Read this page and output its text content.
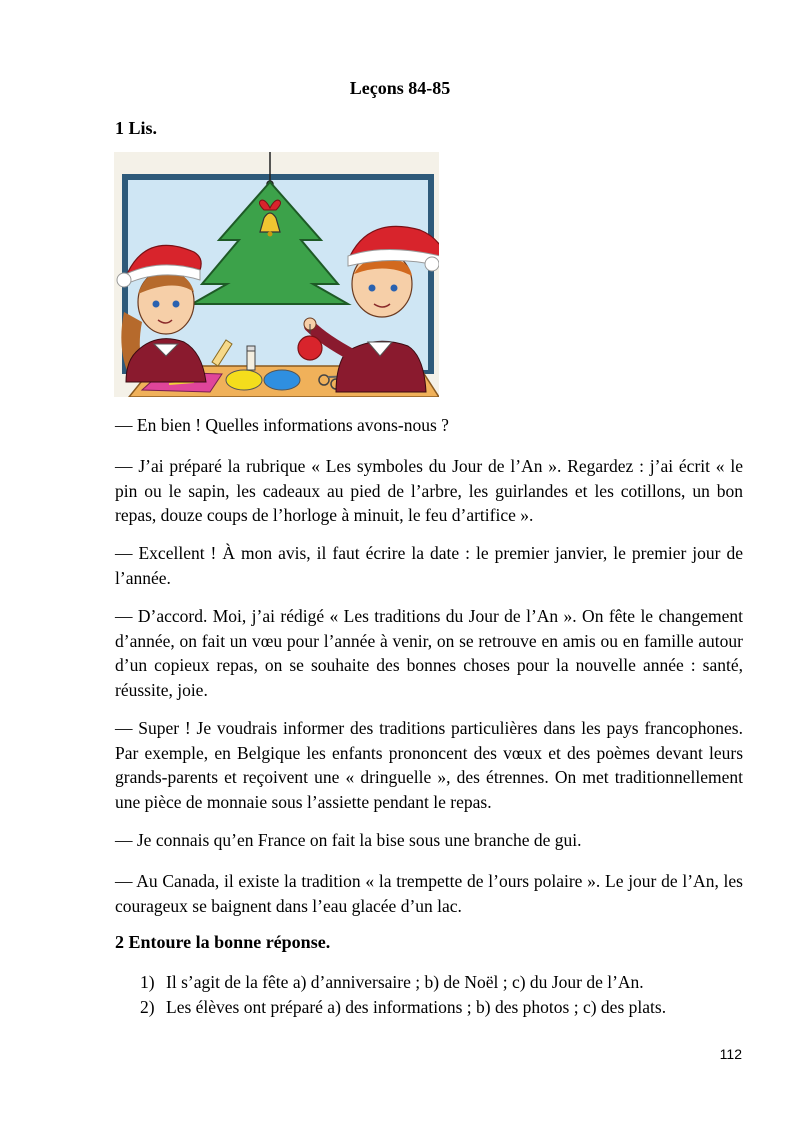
Leçons 84-85
1 Lis.
— En bien ! Quelles informations avons-nous ?
— J’ai préparé la rubrique « Les symboles du Jour de l’An ». Regardez : j’ai écrit « le pin ou le sapin, les cadeaux au pied de l’arbre, les guirlandes et les cotillons, un bon repas, douze coups de l’horloge à minuit, le feu d’artifice ».
— Excellent ! À mon avis, il faut écrire la date : le premier janvier, le premier jour de l’année.
— D’accord. Moi, j’ai rédigé « Les traditions du Jour de l’An ». On fête le changement d’année, on fait un vœu pour l’année à venir, on se retrouve en amis ou en famille autour d’un copieux repas, on se souhaite des bonnes choses pour la nouvelle année : santé, réussite, joie.
— Super ! Je voudrais informer des traditions particulières dans les pays francophones. Par exemple, en Belgique les enfants prononcent des vœux et des poèmes devant leurs grands-parents et reçoivent une « dringuelle », des étrennes. On met traditionnellement une pièce de monnaie sous l’assiette pendant le repas.
— Je connais qu’en France on fait la bise sous une branche de gui.
— Au Canada, il existe la tradition « la trempette de l’ours polaire ». Le jour de l’An, les courageux se baignent dans l’eau glacée d’un lac.
2 Entoure la bonne réponse.
1) Il s’agit de la fête a) d’anniversaire ; b) de Noël ; c) du Jour de l’An.
2) Les élèves ont préparé a) des informations ; b) des photos ; c) des plats.
112
